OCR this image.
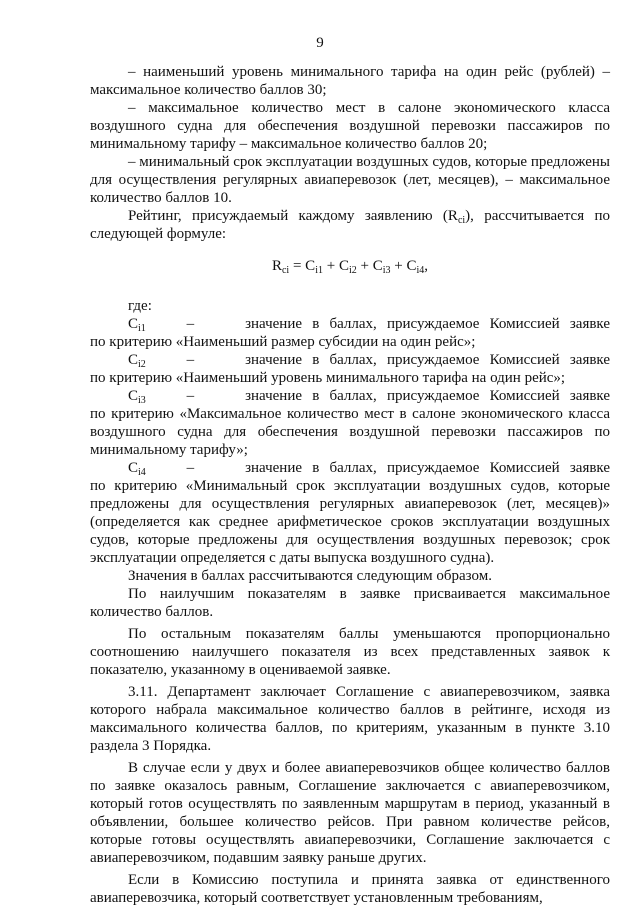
9

– наименьший уровень минимального тарифа на один рейс (рублей) – максимальное количество баллов 30;

– максимальное количество мест в салоне экономического класса воздушного судна для обеспечения воздушной перевозки пассажиров по минимальному тарифу – максимальное количество баллов 20;

– минимальный срок эксплуатации воздушных судов, которые предложены для осуществления регулярных авиаперевозок (лет, месяцев), – максимальное количество баллов 10.

Рейтинг, присуждаемый каждому заявлению $(R_{ci})$, рассчитывается по следующей формуле:

$R_{ci} = C_{i1} + C_{i2} + C_{i3} + C_{i4}$,

где:

$C_{i1}$	–	значение в баллах, присуждаемое Комиссией заявке

по критерию «Наименьший размер субсидии на один рейс»;

$C_{i2}$	–	значение в баллах, присуждаемое Комиссией заявке

по критерию «Наименьший уровень минимального тарифа на один рейс»;

$C_{i3}$	–	значение в баллах, присуждаемое Комиссией заявке

по критерию «Максимальное количество мест в салоне экономического класса воздушного судна для обеспечения воздушной перевозки пассажиров по минимальному тарифу»;

$C_{i4}$	–	значение в баллах, присуждаемое Комиссией заявке

по критерию «Минимальный срок эксплуатации воздушных судов, которые предложены для осуществления регулярных авиаперевозок (лет, месяцев)» (определяется как среднее арифметическое сроков эксплуатации воздушных судов, которые предложены для осуществления воздушных перевозок; срок эксплуатации определяется с даты выпуска воздушного судна).

Значения в баллах рассчитываются следующим образом.

По наилучшим показателям в заявке присваивается максимальное количество баллов.

По остальным показателям баллы уменьшаются пропорционально соотношению наилучшего показателя из всех представленных заявок к показателю, указанному в оцениваемой заявке.

3.11. Департамент заключает Соглашение с авиаперевозчиком, заявка которого набрала максимальное количество баллов в рейтинге, исходя из максимального количества баллов, по критериям, указанным в пункте 3.10 раздела 3 Порядка.

В случае если у двух и более авиаперевозчиков общее количество баллов по заявке оказалось равным, Соглашение заключается с авиаперевозчиком, который готов осуществлять по заявленным маршрутам в период, указанный в объявлении, большее количество рейсов. При равном количестве рейсов, которые готовы осуществлять авиаперевозчики, Соглашение заключается с авиаперевозчиком, подавшим заявку раньше других.

Если в Комиссию поступила и принята заявка от единственного авиаперевозчика, который соответствует установленным требованиям,
